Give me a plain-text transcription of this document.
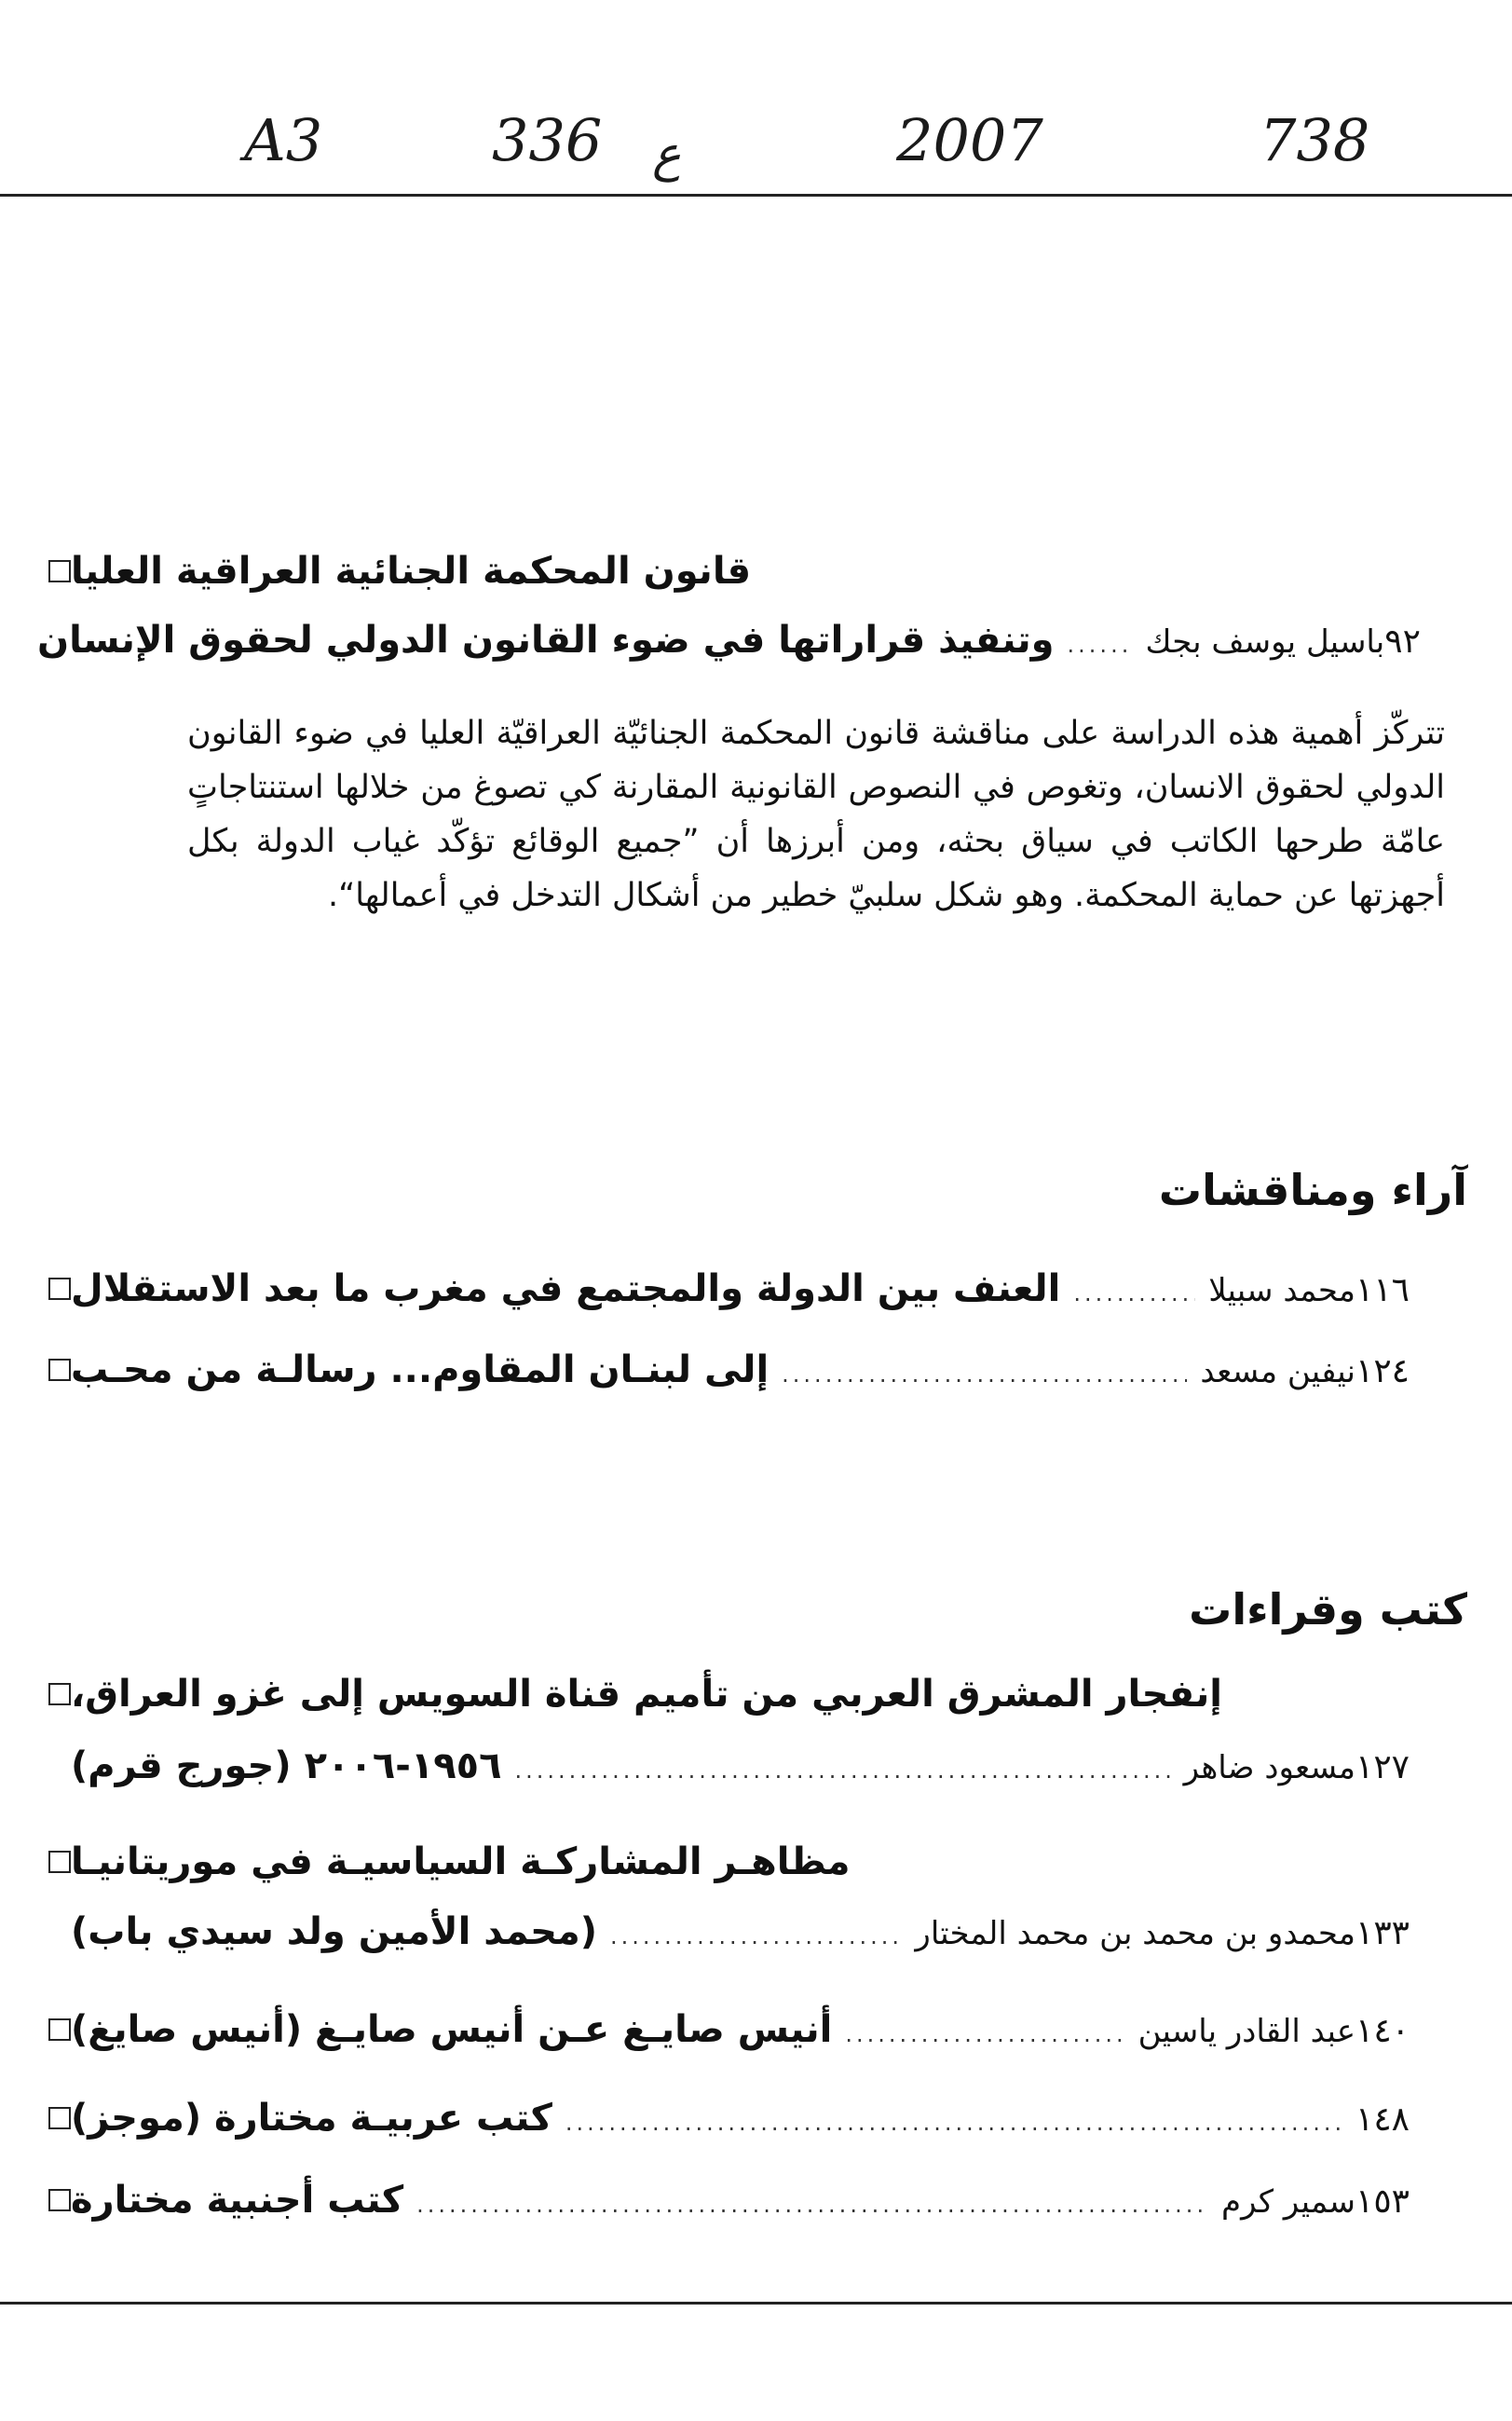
A3	336 ع	2007	738
قانون المحكمة الجنائية العراقية العليا
وتنفيذ قراراتها في ضوء القانون الدولي لحقوق الإنسان .....	باسيل يوسف بجك ٩٢
تتركّز أهمية هذه الدراسة على مناقشة قانون المحكمة الجنائيّة العراقيّة العليا في ضوء القانون الدولي لحقوق الانسان، وتغوص في النصوص القانونية المقارنة كي تصوغ من خلالها استنتاجاتٍ عامّة طرحها الكاتب في سياق بحثه، ومن أبرزها أن ”جميع الوقائع تؤكّد غياب الدولة بكل أجهزتها عن حماية المحكمة. وهو شكل سلبيّ خطير من أشكال التدخل في أعمالها“.
آراء ومناقشات
العنف بين الدولة والمجتمع في مغرب ما بعد الاستقلال .....	محمد سبيلا ١١٦
إلى لبنـان المقاوم... رسالـة من محـب .....	نيفين مسعد ١٢٤
كتب وقراءات
إنفجار المشرق العربي من تأميم قناة السويس إلى غزو العراق،
١٩٥٦-٢٠٠٦ (جورج قرم) .....	مسعود ضاهر ١٢٧
مظاهـر المشاركـة السياسيـة في موريتانيـا
(محمد الأمين ولد سيدي باب) .....	محمدو بن محمد بن محمد المختار ١٣٣
أنيس صايـغ عـن أنيس صايـغ (أنيس صايغ) .....	عبد القادر ياسين ١٤٠
كتب عربيـة مختارة (موجز) .....	١٤٨
كتب أجنبية مختارة .....	سمير كرم ١٥٣
